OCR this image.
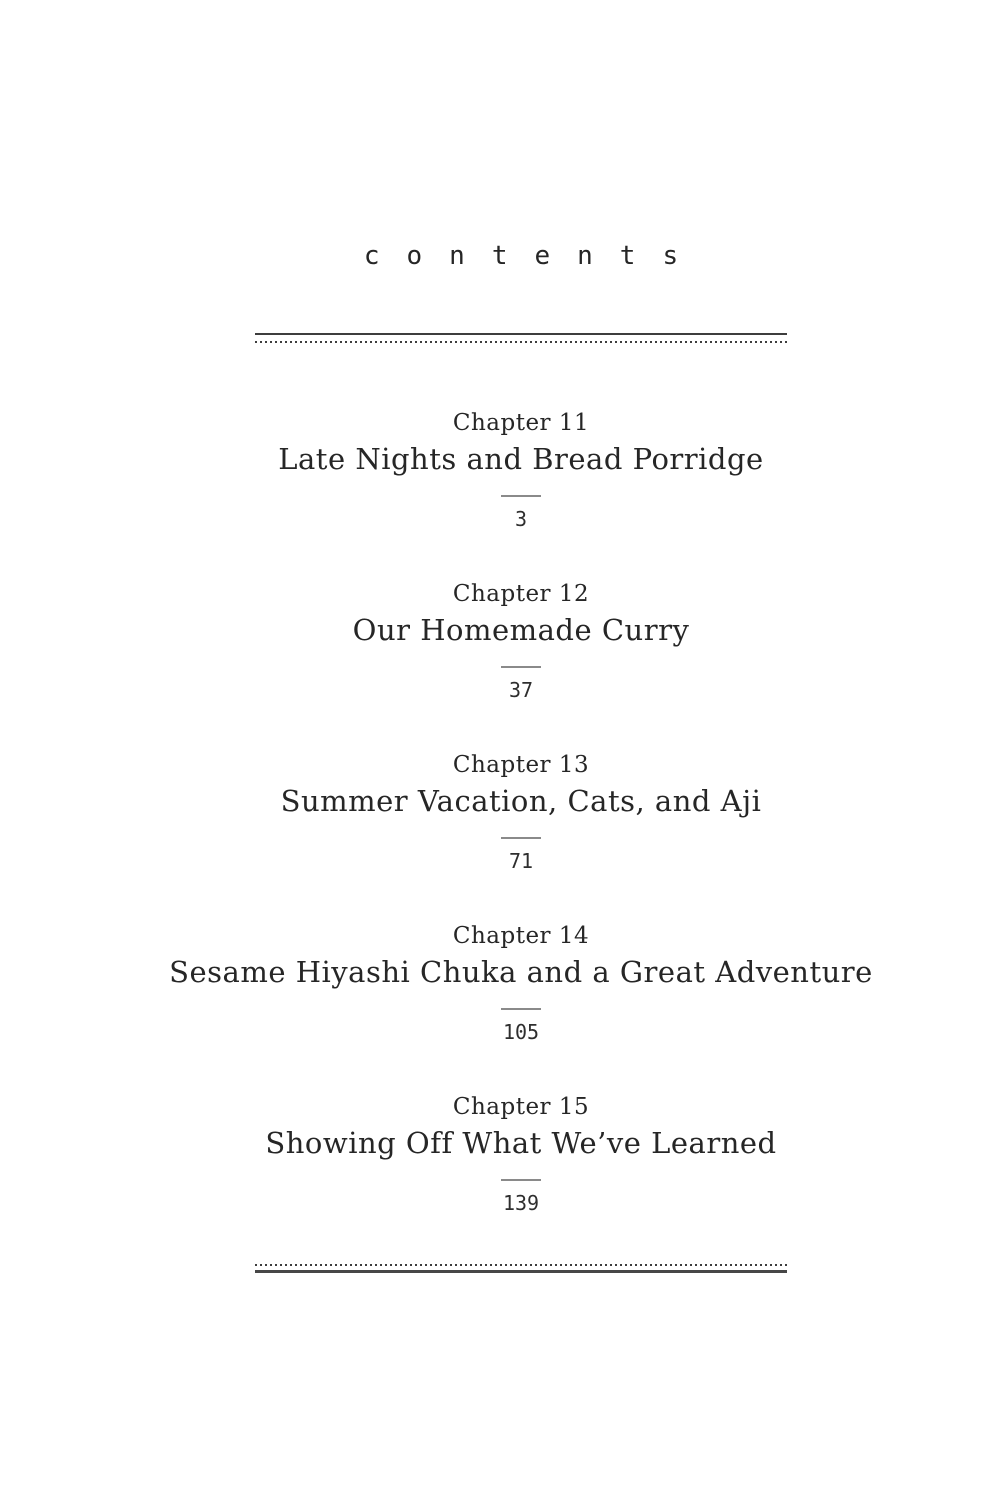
contents
Chapter 11
Late Nights and Bread Porridge
3
Chapter 12
Our Homemade Curry
37
Chapter 13
Summer Vacation, Cats, and Aji
71
Chapter 14
Sesame Hiyashi Chuka and a Great Adventure
105
Chapter 15
Showing Off What We’ve Learned
139
